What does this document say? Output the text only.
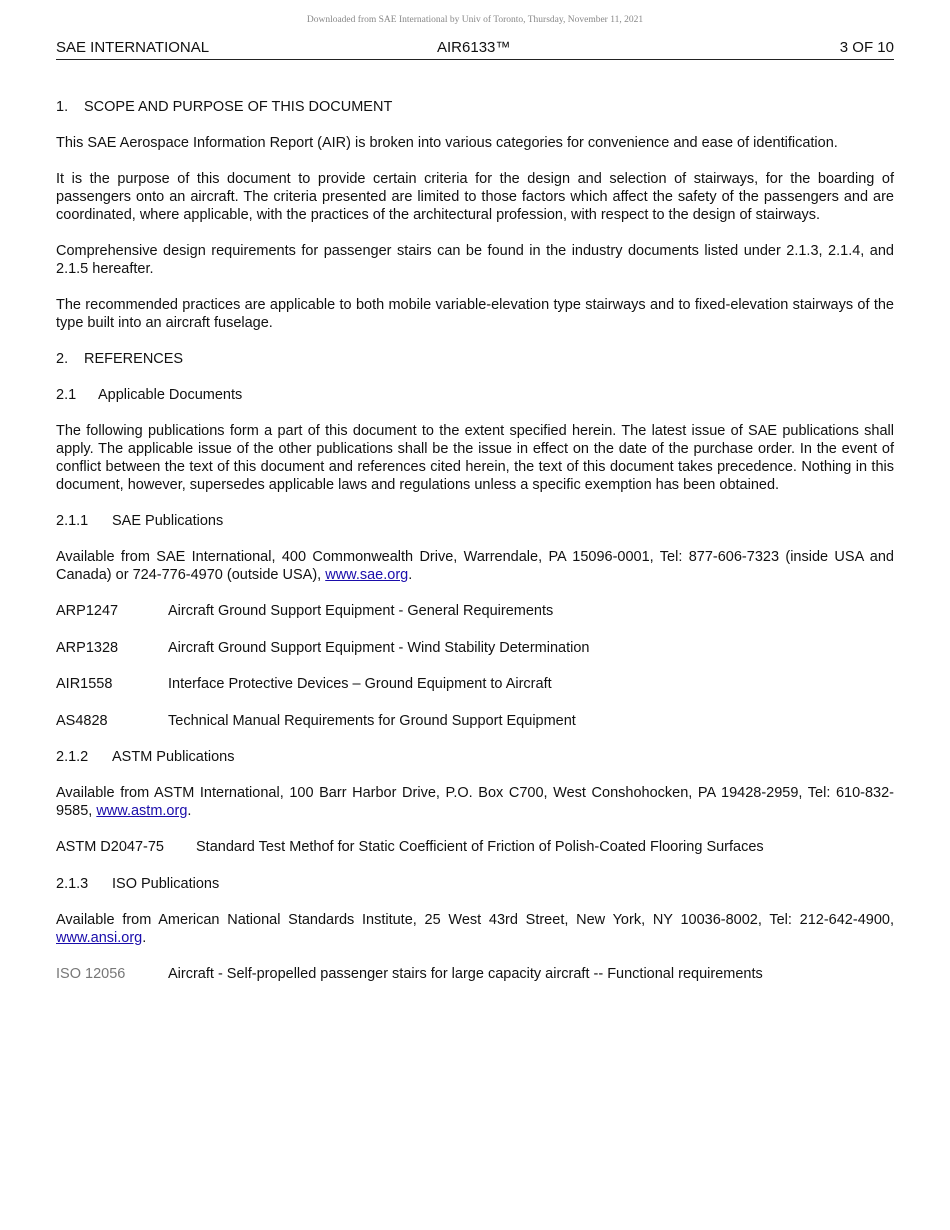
Downloaded from SAE International by Univ of Toronto, Thursday, November 11, 2021
SAE INTERNATIONAL	AIR6133™	3 OF 10
1. SCOPE AND PURPOSE OF THIS DOCUMENT

This SAE Aerospace Information Report (AIR) is broken into various categories for convenience and ease of identification.

It is the purpose of this document to provide certain criteria for the design and selection of stairways, for the boarding of passengers onto an aircraft. The criteria presented are limited to those factors which affect the safety of the passengers and are coordinated, where applicable, with the practices of the architectural profession, with respect to the design of stairways.

Comprehensive design requirements for passenger stairs can be found in the industry documents listed under 2.1.3, 2.1.4, and 2.1.5 hereafter.

The recommended practices are applicable to both mobile variable-elevation type stairways and to fixed-elevation stairways of the type built into an aircraft fuselage.

2. REFERENCES
2.1 Applicable Documents

The following publications form a part of this document to the extent specified herein. The latest issue of SAE publications shall apply. The applicable issue of the other publications shall be the issue in effect on the date of the purchase order. In the event of conflict between the text of this document and references cited herein, the text of this document takes precedence. Nothing in this document, however, supersedes applicable laws and regulations unless a specific exemption has been obtained.

2.1.1 SAE Publications

Available from SAE International, 400 Commonwealth Drive, Warrendale, PA 15096-0001, Tel: 877-606-7323 (inside USA and Canada) or 724-776-4970 (outside USA), www.sae.org.

ARP1247	Aircraft Ground Support Equipment - General Requirements
ARP1328	Aircraft Ground Support Equipment - Wind Stability Determination
AIR1558	Interface Protective Devices – Ground Equipment to Aircraft
AS4828	Technical Manual Requirements for Ground Support Equipment
2.1.2 ASTM Publications

Available from ASTM International, 100 Barr Harbor Drive, P.O. Box C700, West Conshohocken, PA 19428-2959, Tel: 610-832-9585, www.astm.org.

ASTM D2047-75	Standard Test Methof for Static Coefficient of Friction of Polish-Coated Flooring Surfaces
2.1.3 ISO Publications

Available from American National Standards Institute, 25 West 43rd Street, New York, NY 10036-8002, Tel: 212-642-4900, www.ansi.org.

ISO 12056	Aircraft - Self-propelled passenger stairs for large capacity aircraft -- Functional requirements
